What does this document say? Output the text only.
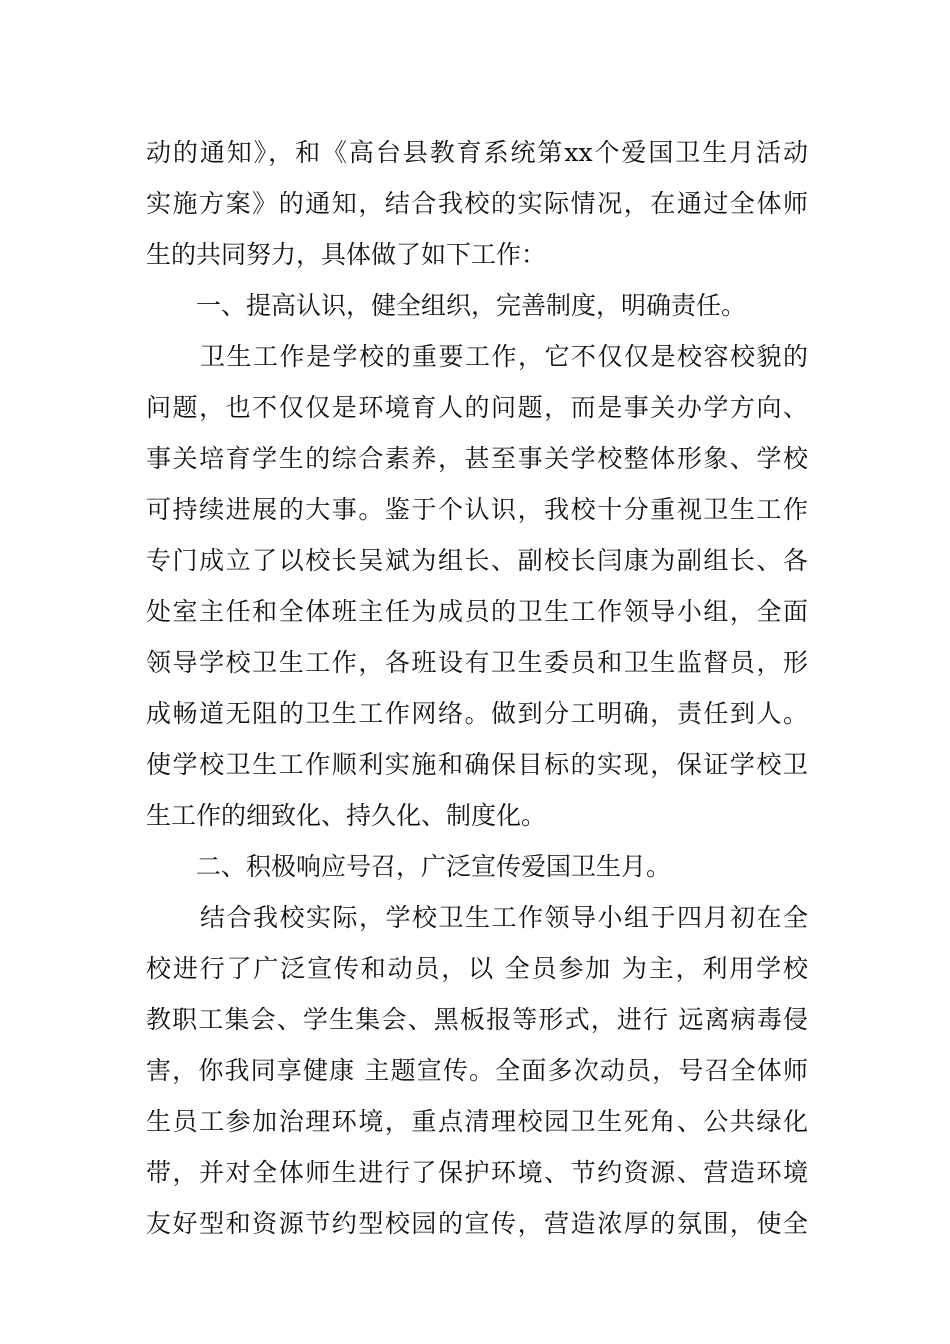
动的通知》，和《高台县教育系统第xx个爱国卫生月活动
实施方案》的通知，结合我校的实际情况，在通过全体师
生的共同努力，具体做了如下工作：
一、提高认识，健全组织，完善制度，明确责任。
卫生工作是学校的重要工作，它不仅仅是校容校貌的
问题，也不仅仅是环境育人的问题，而是事关办学方向、
事关培育学生的综合素养，甚至事关学校整体形象、学校
可持续进展的大事。鉴于个认识，我校十分重视卫生工作
专门成立了以校长吴斌为组长、副校长闫康为副组长、各
处室主任和全体班主任为成员的卫生工作领导小组，全面
领导学校卫生工作，各班设有卫生委员和卫生监督员，形
成畅道无阻的卫生工作网络。做到分工明确，责任到人。
使学校卫生工作顺利实施和确保目标的实现，保证学校卫
生工作的细致化、持久化、制度化。
二、积极响应号召，广泛宣传爱国卫生月。
结合我校实际，学校卫生工作领导小组于四月初在全
校进行了广泛宣传和动员，以 全员参加 为主，利用学校
教职工集会、学生集会、黑板报等形式，进行 远离病毒侵
害，你我同享健康 主题宣传。全面多次动员，号召全体师
生员工参加治理环境，重点清理校园卫生死角、公共绿化
带，并对全体师生进行了保护环境、节约资源、营造环境
友好型和资源节约型校园的宣传，营造浓厚的氛围，使全
